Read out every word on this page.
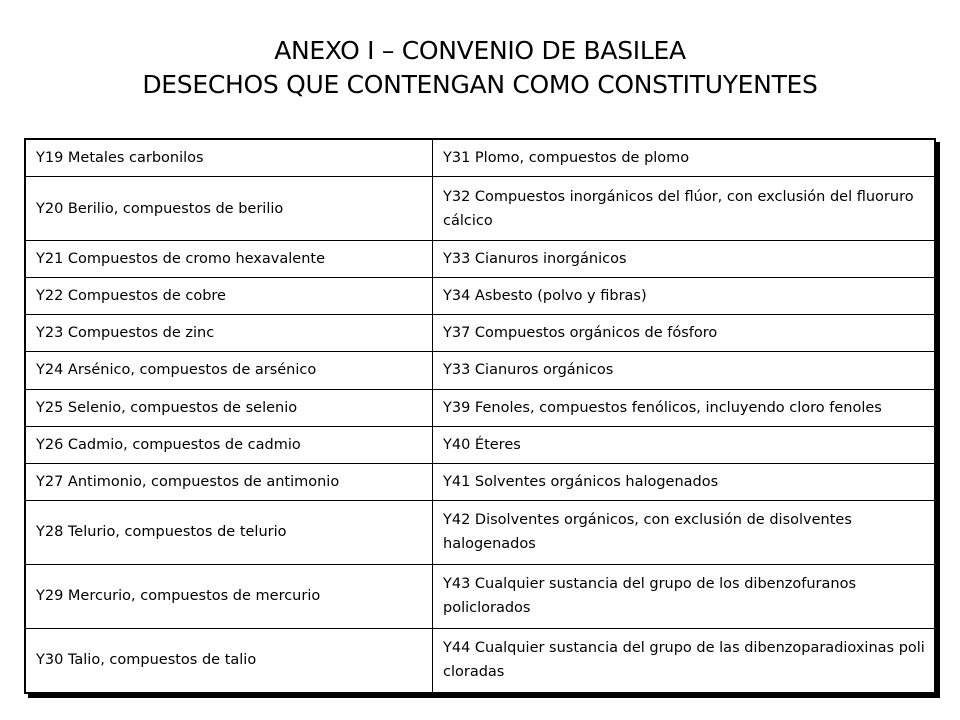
ANEXO I – CONVENIO DE BASILEA
DESECHOS QUE CONTENGAN COMO CONSTITUYENTES
Y19 Metales carbonilos	Y31 Plomo, compuestos de plomo
Y20 Berilio, compuestos de berilio	Y32 Compuestos inorgánicos del flúor, con exclusión del fluoruro cálcico
Y21 Compuestos de cromo hexavalente	Y33 Cianuros inorgánicos
Y22 Compuestos de cobre	Y34 Asbesto (polvo y fibras)
Y23 Compuestos de zinc	Y37 Compuestos orgánicos de fósforo
Y24 Arsénico, compuestos de arsénico	Y33 Cianuros orgánicos
Y25 Selenio, compuestos de selenio	Y39 Fenoles, compuestos fenólicos, incluyendo cloro fenoles
Y26 Cadmio, compuestos de cadmio	Y40 Éteres
Y27 Antimonio, compuestos de antimonio	Y41 Solventes orgánicos halogenados
Y28 Telurio, compuestos de telurio	Y42 Disolventes orgánicos, con exclusión de disolventes halogenados
Y29 Mercurio, compuestos de mercurio	Y43 Cualquier sustancia del grupo de los dibenzofuranos policlorados
Y30 Talio, compuestos de talio	Y44 Cualquier sustancia del grupo de las dibenzoparadioxinas poli cloradas
